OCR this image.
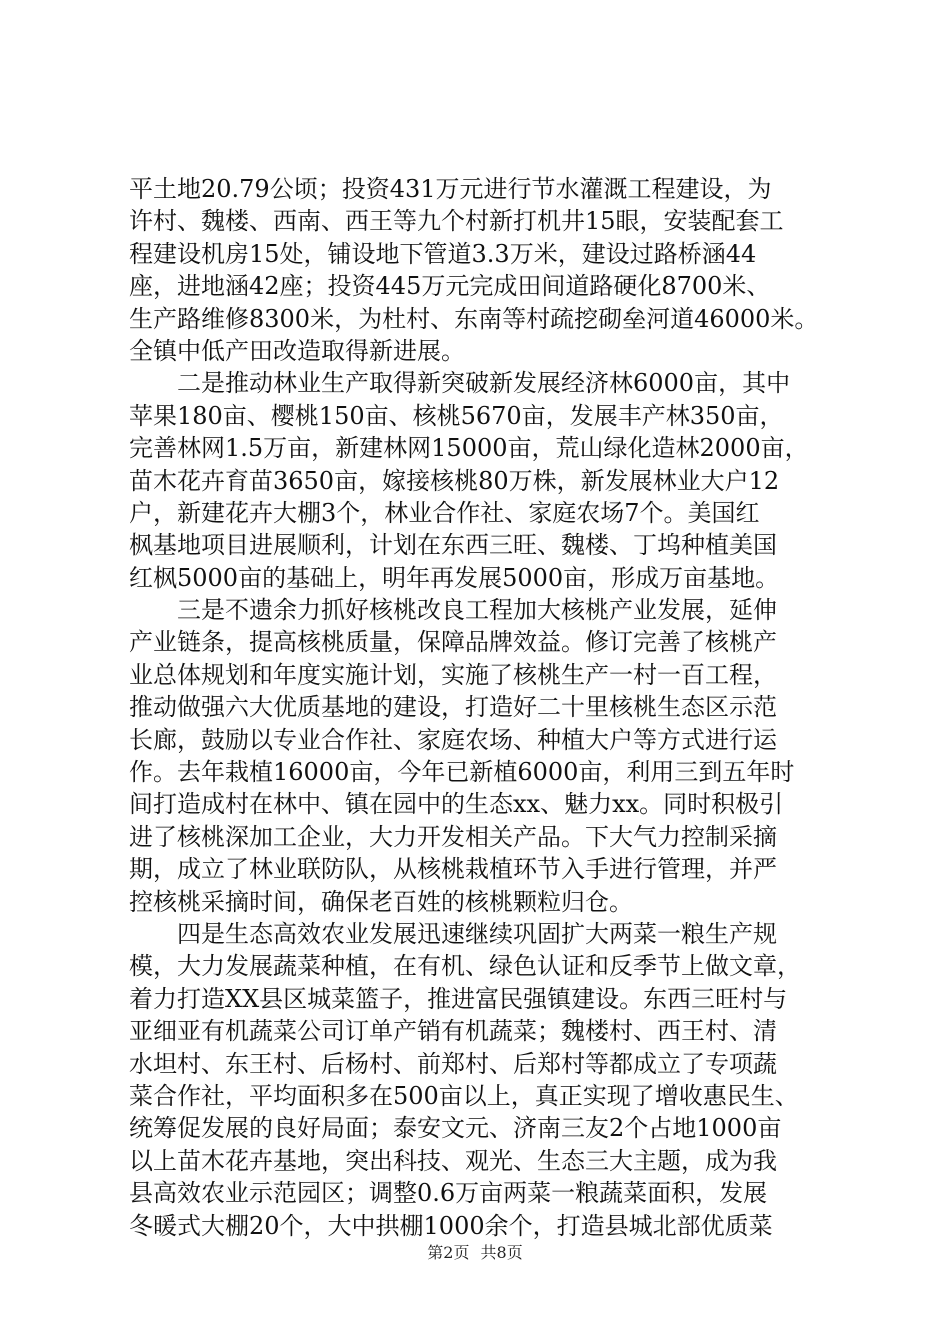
平土地20.79公顷；投资431万元进行节水灌溉工程建设，为
许村、魏楼、西南、西王等九个村新打机井15眼，安装配套工
程建设机房15处，铺设地下管道3.3万米，建设过路桥涵44
座，进地涵42座；投资445万元完成田间道路硬化8700米、
生产路维修8300米，为杜村、东南等村疏挖砌垒河道46000米。
全镇中低产田改造取得新进展。
　　二是推动林业生产取得新突破新发展经济林6000亩，其中
苹果180亩、樱桃150亩、核桃5670亩，发展丰产林350亩，
完善林网1.5万亩，新建林网15000亩，荒山绿化造林2000亩，
苗木花卉育苗3650亩，嫁接核桃80万株，新发展林业大户12
户，新建花卉大棚3个，林业合作社、家庭农场7个。美国红
枫基地项目进展顺利，计划在东西三旺、魏楼、丁坞种植美国
红枫5000亩的基础上，明年再发展5000亩，形成万亩基地。
　　三是不遗余力抓好核桃改良工程加大核桃产业发展，延伸
产业链条，提高核桃质量，保障品牌效益。修订完善了核桃产
业总体规划和年度实施计划，实施了核桃生产一村一百工程，
推动做强六大优质基地的建设，打造好二十里核桃生态区示范
长廊，鼓励以专业合作社、家庭农场、种植大户等方式进行运
作。去年栽植16000亩，今年已新植6000亩，利用三到五年时
间打造成村在林中、镇在园中的生态xx、魅力xx。同时积极引
进了核桃深加工企业，大力开发相关产品。下大气力控制采摘
期，成立了林业联防队，从核桃栽植环节入手进行管理，并严
控核桃采摘时间，确保老百姓的核桃颗粒归仓。
　　四是生态高效农业发展迅速继续巩固扩大两菜一粮生产规
模，大力发展蔬菜种植，在有机、绿色认证和反季节上做文章，
着力打造XX县区城菜篮子，推进富民强镇建设。东西三旺村与
亚细亚有机蔬菜公司订单产销有机蔬菜；魏楼村、西王村、清
水坦村、东王村、后杨村、前郑村、后郑村等都成立了专项蔬
菜合作社，平均面积多在500亩以上，真正实现了增收惠民生、
统筹促发展的良好局面；泰安文元、济南三友2个占地1000亩
以上苗木花卉基地，突出科技、观光、生态三大主题，成为我
县高效农业示范园区；调整0.6万亩两菜一粮蔬菜面积，发展
冬暖式大棚20个，大中拱棚1000余个，打造县城北部优质菜
第2页 共8页
